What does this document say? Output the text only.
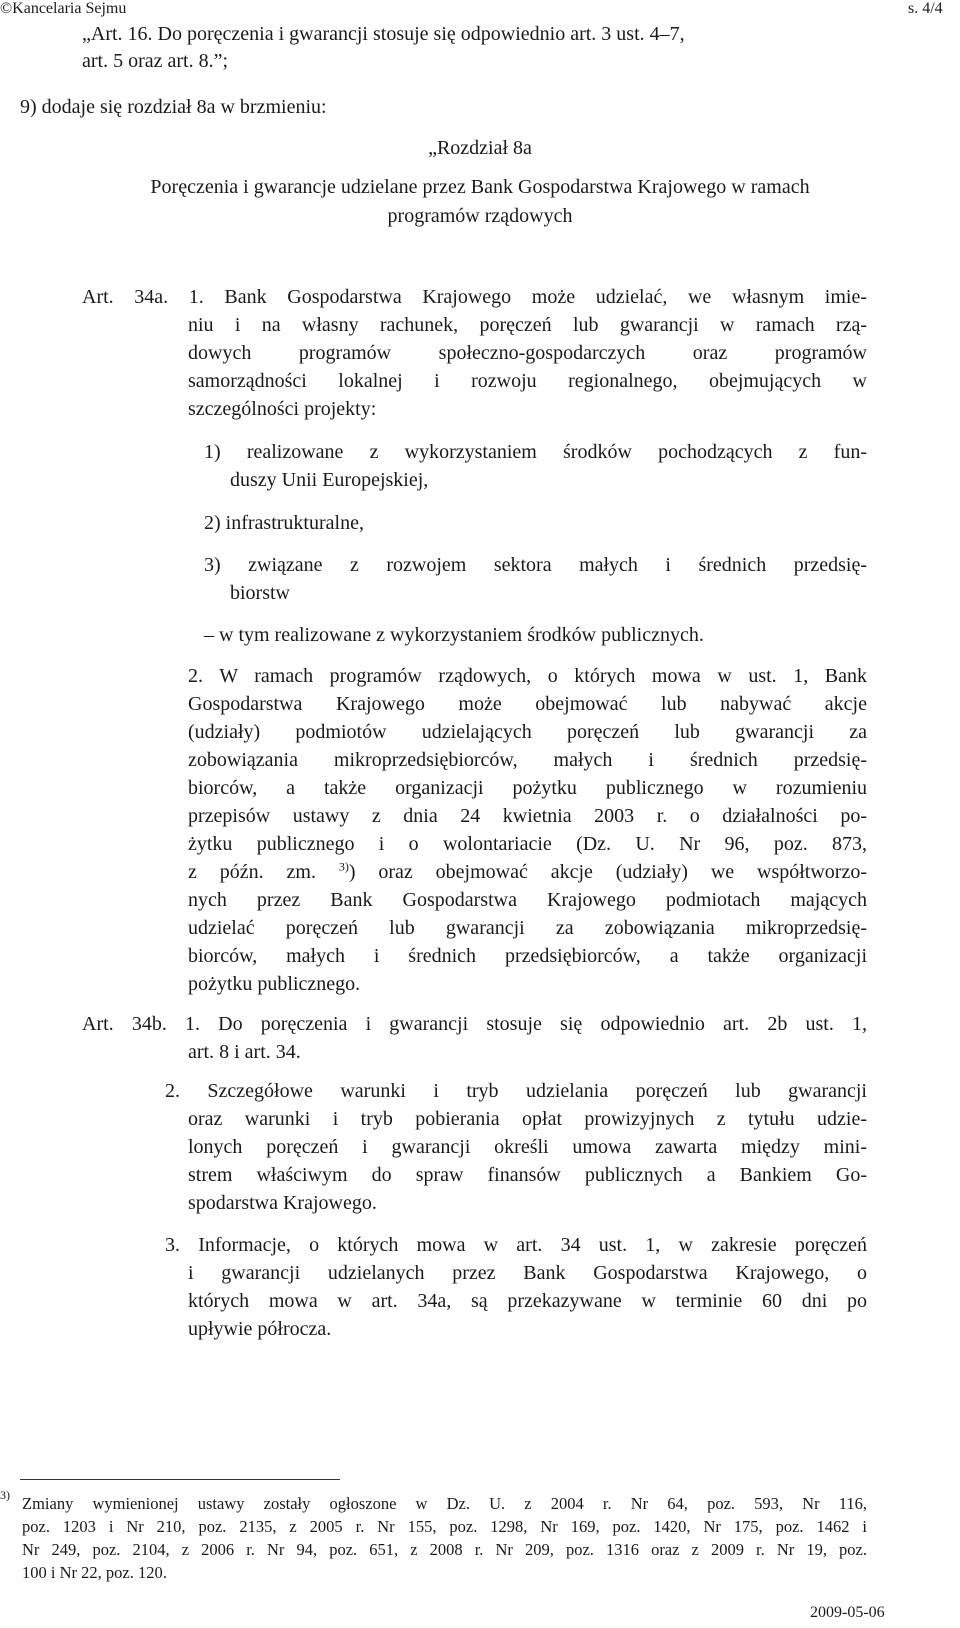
©Kancelaria Sejmu	s. 4/4
„Art. 16. Do poręczenia i gwarancji stosuje się odpowiednio art. 3 ust. 4–7,
art. 5 oraz art. 8.”;
9) dodaje się rozdział 8a w brzmieniu:
„Rozdział 8a
Poręczenia i gwarancje udzielane przez Bank Gospodarstwa Krajowego w ramach
programów rządowych
Art. 34a. 1. Bank Gospodarstwa Krajowego może udzielać, we własnym imie-
niu i na własny rachunek, poręczeń lub gwarancji w ramach rzą-
dowych programów społeczno-gospodarczych oraz programów
samorządności lokalnej i rozwoju regionalnego, obejmujących w
szczególności projekty:
1) realizowane z wykorzystaniem środków pochodzących z fun-
duszy Unii Europejskiej,
2) infrastrukturalne,
3) związane z rozwojem sektora małych i średnich przedsię-
biorstw
– w tym realizowane z wykorzystaniem środków publicznych.
2. W ramach programów rządowych, o których mowa w ust. 1, Bank
Gospodarstwa Krajowego może obejmować lub nabywać akcje
(udziały) podmiotów udzielających poręczeń lub gwarancji za
zobowiązania mikroprzedsiębiorców, małych i średnich przedsię-
biorców, a także organizacji pożytku publicznego w rozumieniu
przepisów ustawy z dnia 24 kwietnia 2003 r. o działalności po-
żytku publicznego i o wolontariacie (Dz. U. Nr 96, poz. 873,
z późn. zm. $^{3)}$) oraz obejmować akcje (udziały) we współtworzo-
nych przez Bank Gospodarstwa Krajowego podmiotach mających
udzielać poręczeń lub gwarancji za zobowiązania mikroprzedsię-
biorców, małych i średnich przedsiębiorców, a także organizacji
pożytku publicznego.
Art. 34b. 1. Do poręczenia i gwarancji stosuje się odpowiednio art. 2b ust. 1,
art. 8 i art. 34.
2. Szczegółowe warunki i tryb udzielania poręczeń lub gwarancji
oraz warunki i tryb pobierania opłat prowizyjnych z tytułu udzie-
lonych poręczeń i gwarancji określi umowa zawarta między mini-
strem właściwym do spraw finansów publicznych a Bankiem Go-
spodarstwa Krajowego.
3. Informacje, o których mowa w art. 34 ust. 1, w zakresie poręczeń
i gwarancji udzielanych przez Bank Gospodarstwa Krajowego, o
których mowa w art. 34a, są przekazywane w terminie 60 dni po
upływie półrocza.
3) Zmiany wymienionej ustawy zostały ogłoszone w Dz. U. z 2004 r. Nr 64, poz. 593, Nr 116,
poz. 1203 i Nr 210, poz. 2135, z 2005 r. Nr 155, poz. 1298, Nr 169, poz. 1420, Nr 175, poz. 1462 i
Nr 249, poz. 2104, z 2006 r. Nr 94, poz. 651, z 2008 r. Nr 209, poz. 1316 oraz z 2009 r. Nr 19, poz.
100 i Nr 22, poz. 120.
2009-05-06
